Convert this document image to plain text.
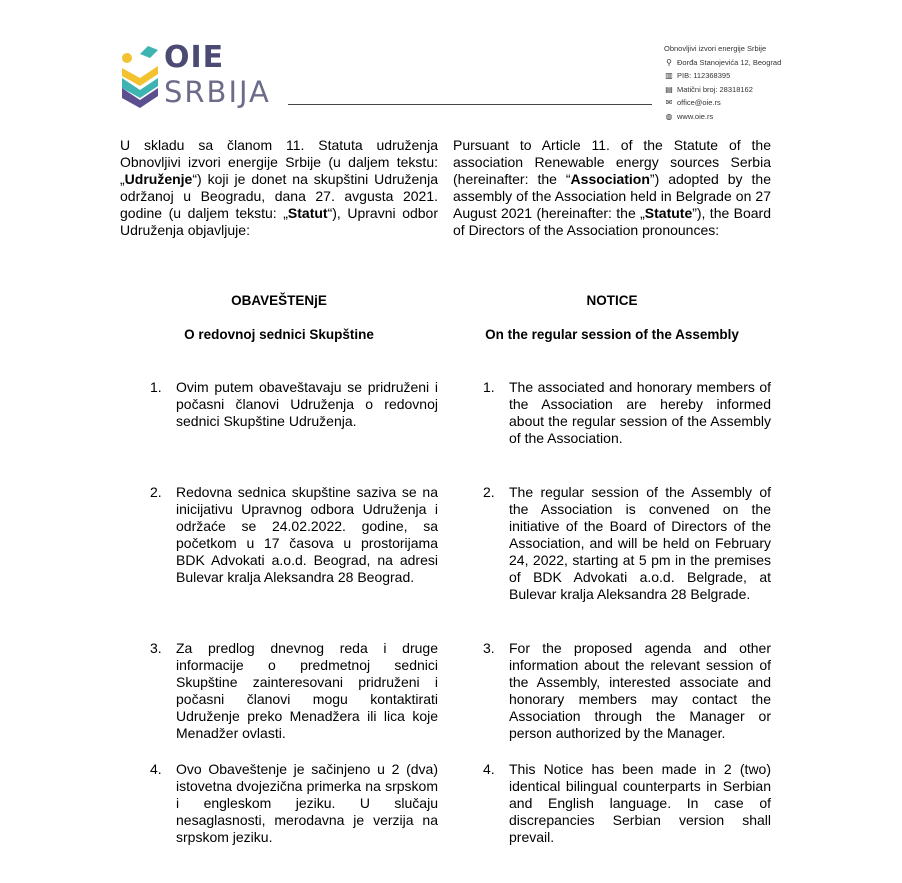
OIE
SRBIJA
Obnovljivi izvori energije Srbije
⚲ Đorđa Stanojevića 12, Beograd
▥ PIB: 112368395
▤ Matični broj: 28318162
✉ office@oie.rs
◍ www.oie.rs
U skladu sa članom 11. Statuta udruženja Obnovljivi izvori energije Srbije (u daljem tekstu: „Udruženje“) koji je donet na skupštini Udruženja održanoj u Beogradu, dana 27. avgusta 2021. godine (u daljem tekstu: „Statut“), Upravni odbor Udruženja objavljuje:
Pursuant to Article 11. of the Statute of the association Renewable energy sources Serbia (hereinafter: the “Association”) adopted by the assembly of the Association held in Belgrade on 27 August 2021 (hereinafter: the „Statute”), the Board of Directors of the Association pronounces:
OBAVEŠTENjE	NOTICE
O redovnoj sednici Skupštine	On the regular session of the Assembly
1. Ovim putem obaveštavaju se pridruženi i počasni članovi Udruženja o redovnoj sednici Skupštine Udruženja.
1. The associated and honorary members of the Association are hereby informed about the regular session of the Assembly of the Association.
2. Redovna sednica skupštine saziva se na inicijativu Upravnog odbora Udruženja i održaće se 24.02.2022. godine, sa početkom u 17 časova u prostorijama BDK Advokati a.o.d. Beograd, na adresi Bulevar kralja Aleksandra 28 Beograd.
2. The regular session of the Assembly of the Association is convened on the initiative of the Board of Directors of the Association, and will be held on February 24, 2022, starting at 5 pm in the premises of BDK Advokati a.o.d. Belgrade, at Bulevar kralja Aleksandra 28 Belgrade.
3. Za predlog dnevnog reda i druge informacije o predmetnoj sednici Skupštine zainteresovani pridruženi i počasni članovi mogu kontaktirati Udruženje preko Menadžera ili lica koje Menadžer ovlasti.
3. For the proposed agenda and other information about the relevant session of the Assembly, interested associate and honorary members may contact the Association through the Manager or person authorized by the Manager.
4. Ovo Obaveštenje je sačinjeno u 2 (dva) istovetna dvojezična primerka na srpskom i engleskom jeziku. U slučaju nesaglasnosti, merodavna je verzija na srpskom jeziku.
4. This Notice has been made in 2 (two) identical bilingual counterparts in Serbian and English language. In case of discrepancies Serbian version shall prevail.
